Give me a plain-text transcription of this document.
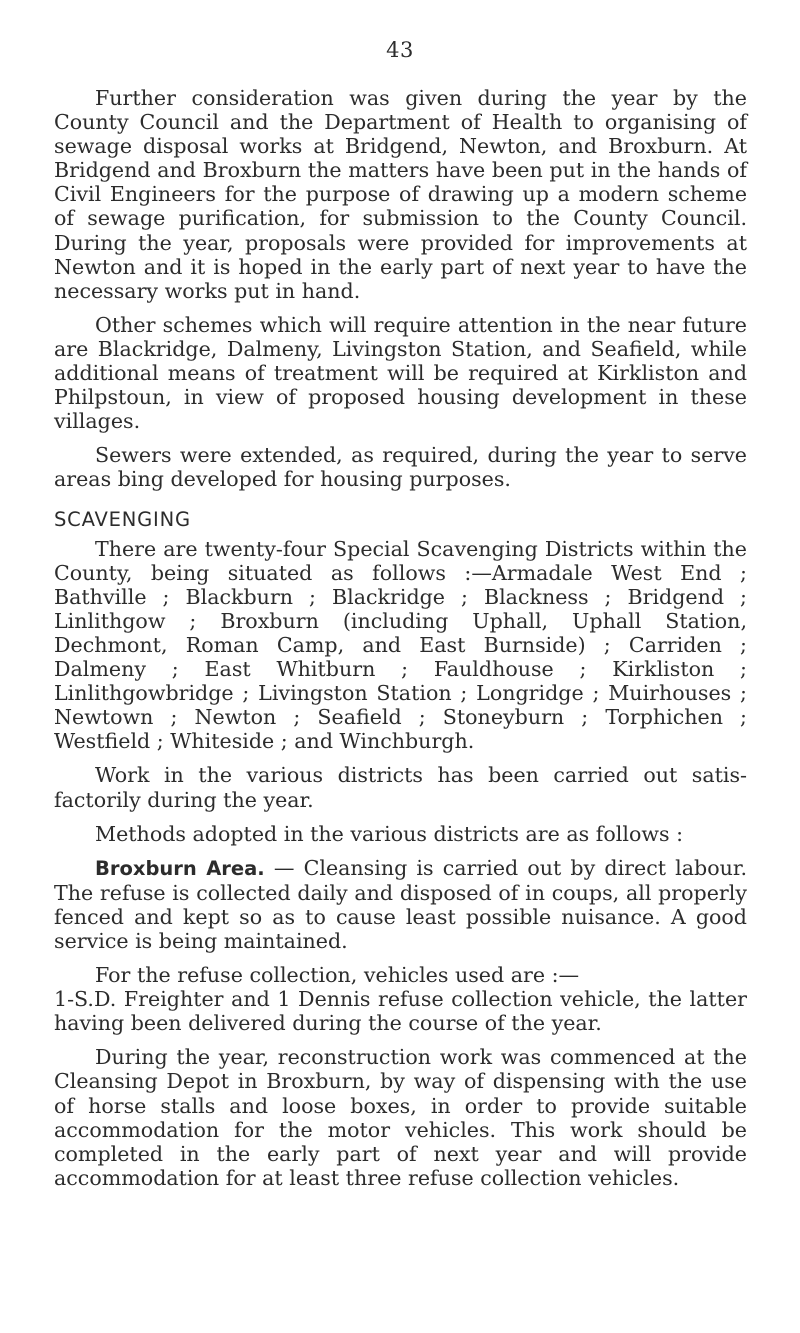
43

Further consideration was given during the year by the County Council and the Department of Health to organising of sewage disposal works at Bridgend, Newton, and Broxburn. At Bridgend and Broxburn the matters have been put in the hands of Civil Engineers for the purpose of drawing up a modern scheme of sewage purification, for submission to the County Council. During the year, proposals were provided for improvements at Newton and it is hoped in the early part of next year to have the necessary works put in hand.

Other schemes which will require attention in the near future are Blackridge, Dalmeny, Livingston Station, and Seafield, while additional means of treatment will be required at Kirkliston and Philpstoun, in view of proposed housing development in these villages.

Sewers were extended, as required, during the year to serve areas bing developed for housing purposes.

SCAVENGING

There are twenty-four Special Scavenging Districts within the County, being situated as follows :—Armadale West End ; Bathville ; Blackburn ; Blackridge ; Blackness ; Bridgend ; Linlithgow ; Broxburn (including Uphall, Uphall Station, Dechmont, Roman Camp, and East Burnside) ; Carriden ; Dalmeny ; East Whitburn ; Fauldhouse ; Kirkliston ; Linlithgowbridge ; Livingston Station ; Longridge ; Muirhouses ; Newtown ; Newton ; Seafield ; Stoneyburn ; Torphichen ; Westfield ; Whiteside ; and Winchburgh.

Work in the various districts has been carried out satisfactorily during the year.

Methods adopted in the various districts are as follows :

Broxburn Area. — Cleansing is carried out by direct labour. The refuse is collected daily and disposed of in coups, all properly fenced and kept so as to cause least possible nuisance. A good service is being maintained.

For the refuse collection, vehicles used are :—

1-S.D. Freighter and 1 Dennis refuse collection vehicle, the latter having been delivered during the course of the year.

During the year, reconstruction work was commenced at the Cleansing Depot in Broxburn, by way of dispensing with the use of horse stalls and loose boxes, in order to provide suitable accommodation for the motor vehicles. This work should be completed in the early part of next year and will provide accommodation for at least three refuse collection vehicles.
